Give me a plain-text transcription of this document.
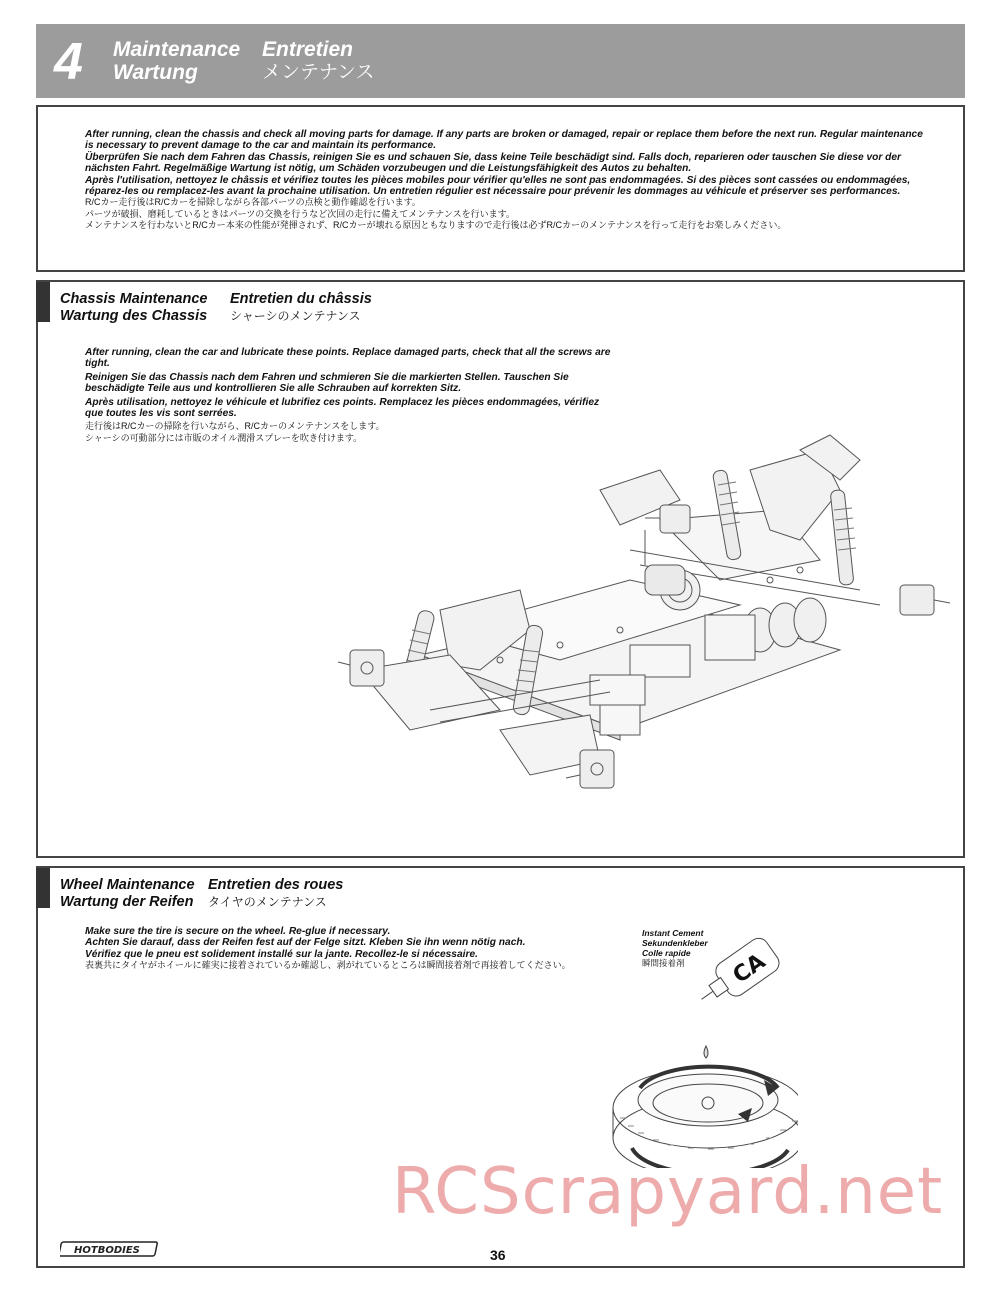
4 Maintenance
Wartung
Entretien
メンテナンス
After running, clean the chassis and check all moving parts for damage. If any parts are broken or damaged, repair or replace them before the next run. Regular maintenance is necessary to prevent damage to the car and maintain its performance.
Überprüfen Sie nach dem Fahren das Chassis, reinigen Sie es und schauen Sie, dass keine Teile beschädigt sind. Falls doch, reparieren oder tauschen Sie diese vor der nächsten Fahrt. Regelmäßige Wartung ist nötig, um Schäden vorzubeugen und die Leistungsfähigkeit des Autos zu behalten.
Après l'utilisation, nettoyez le châssis et vérifiez toutes les pièces mobiles pour vérifier qu'elles ne sont pas endommagées. Si des pièces sont cassées ou endommagées, réparez-les ou remplacez-les avant la prochaine utilisation. Un entretien régulier est nécessaire pour prévenir les dommages au véhicule et préserver ses performances.
R/Cカー走行後はR/Cカーを掃除しながら各部パーツの点検と動作確認を行います。
パーツが破損、磨耗しているときはパーツの交換を行うなど次回の走行に備えてメンテナンスを行います。
メンテナンスを行わないとR/Cカー本来の性能が発揮されず、R/Cカーが壊れる原因ともなりますので走行後は必ずR/Cカーのメンテナンスを行って走行をお楽しみください。
Chassis Maintenance
Wartung des Chassis
Entretien du châssis
シャーシのメンテナンス
After running, clean the car and lubricate these points. Replace damaged parts, check that all the screws are tight.
Reinigen Sie das Chassis nach dem Fahren und schmieren Sie die markierten Stellen. Tauschen Sie beschädigte Teile aus und kontrollieren Sie alle Schrauben auf korrekten Sitz.
Après utilisation, nettoyez le véhicule et lubrifiez ces points. Remplacez les pièces endommagées, vérifiez que toutes les vis sont serrées.
走行後はR/Cカーの掃除を行いながら、R/Cカーのメンテナンスをします。
シャーシの可動部分には市販のオイル潤滑スプレーを吹き付けます。
Wheel Maintenance
Wartung der Reifen
Entretien des roues
タイヤのメンテナンス
Make sure the tire is secure on the wheel. Re-glue if necessary.
Achten Sie darauf, dass der Reifen fest auf der Felge sitzt. Kleben Sie ihn wenn nötig nach.
Vérifiez que le pneu est solidement installé sur la jante. Recollez-le si nécessaire.
表裏共にタイヤがホイールに確実に接着されているか確認し、剥がれているところは瞬間接着剤で再接着してください。
Instant Cement
Sekundenkleber
Colle rapide
瞬間接着剤	CA
RCScrapyard.net
HOTBODIES	36
